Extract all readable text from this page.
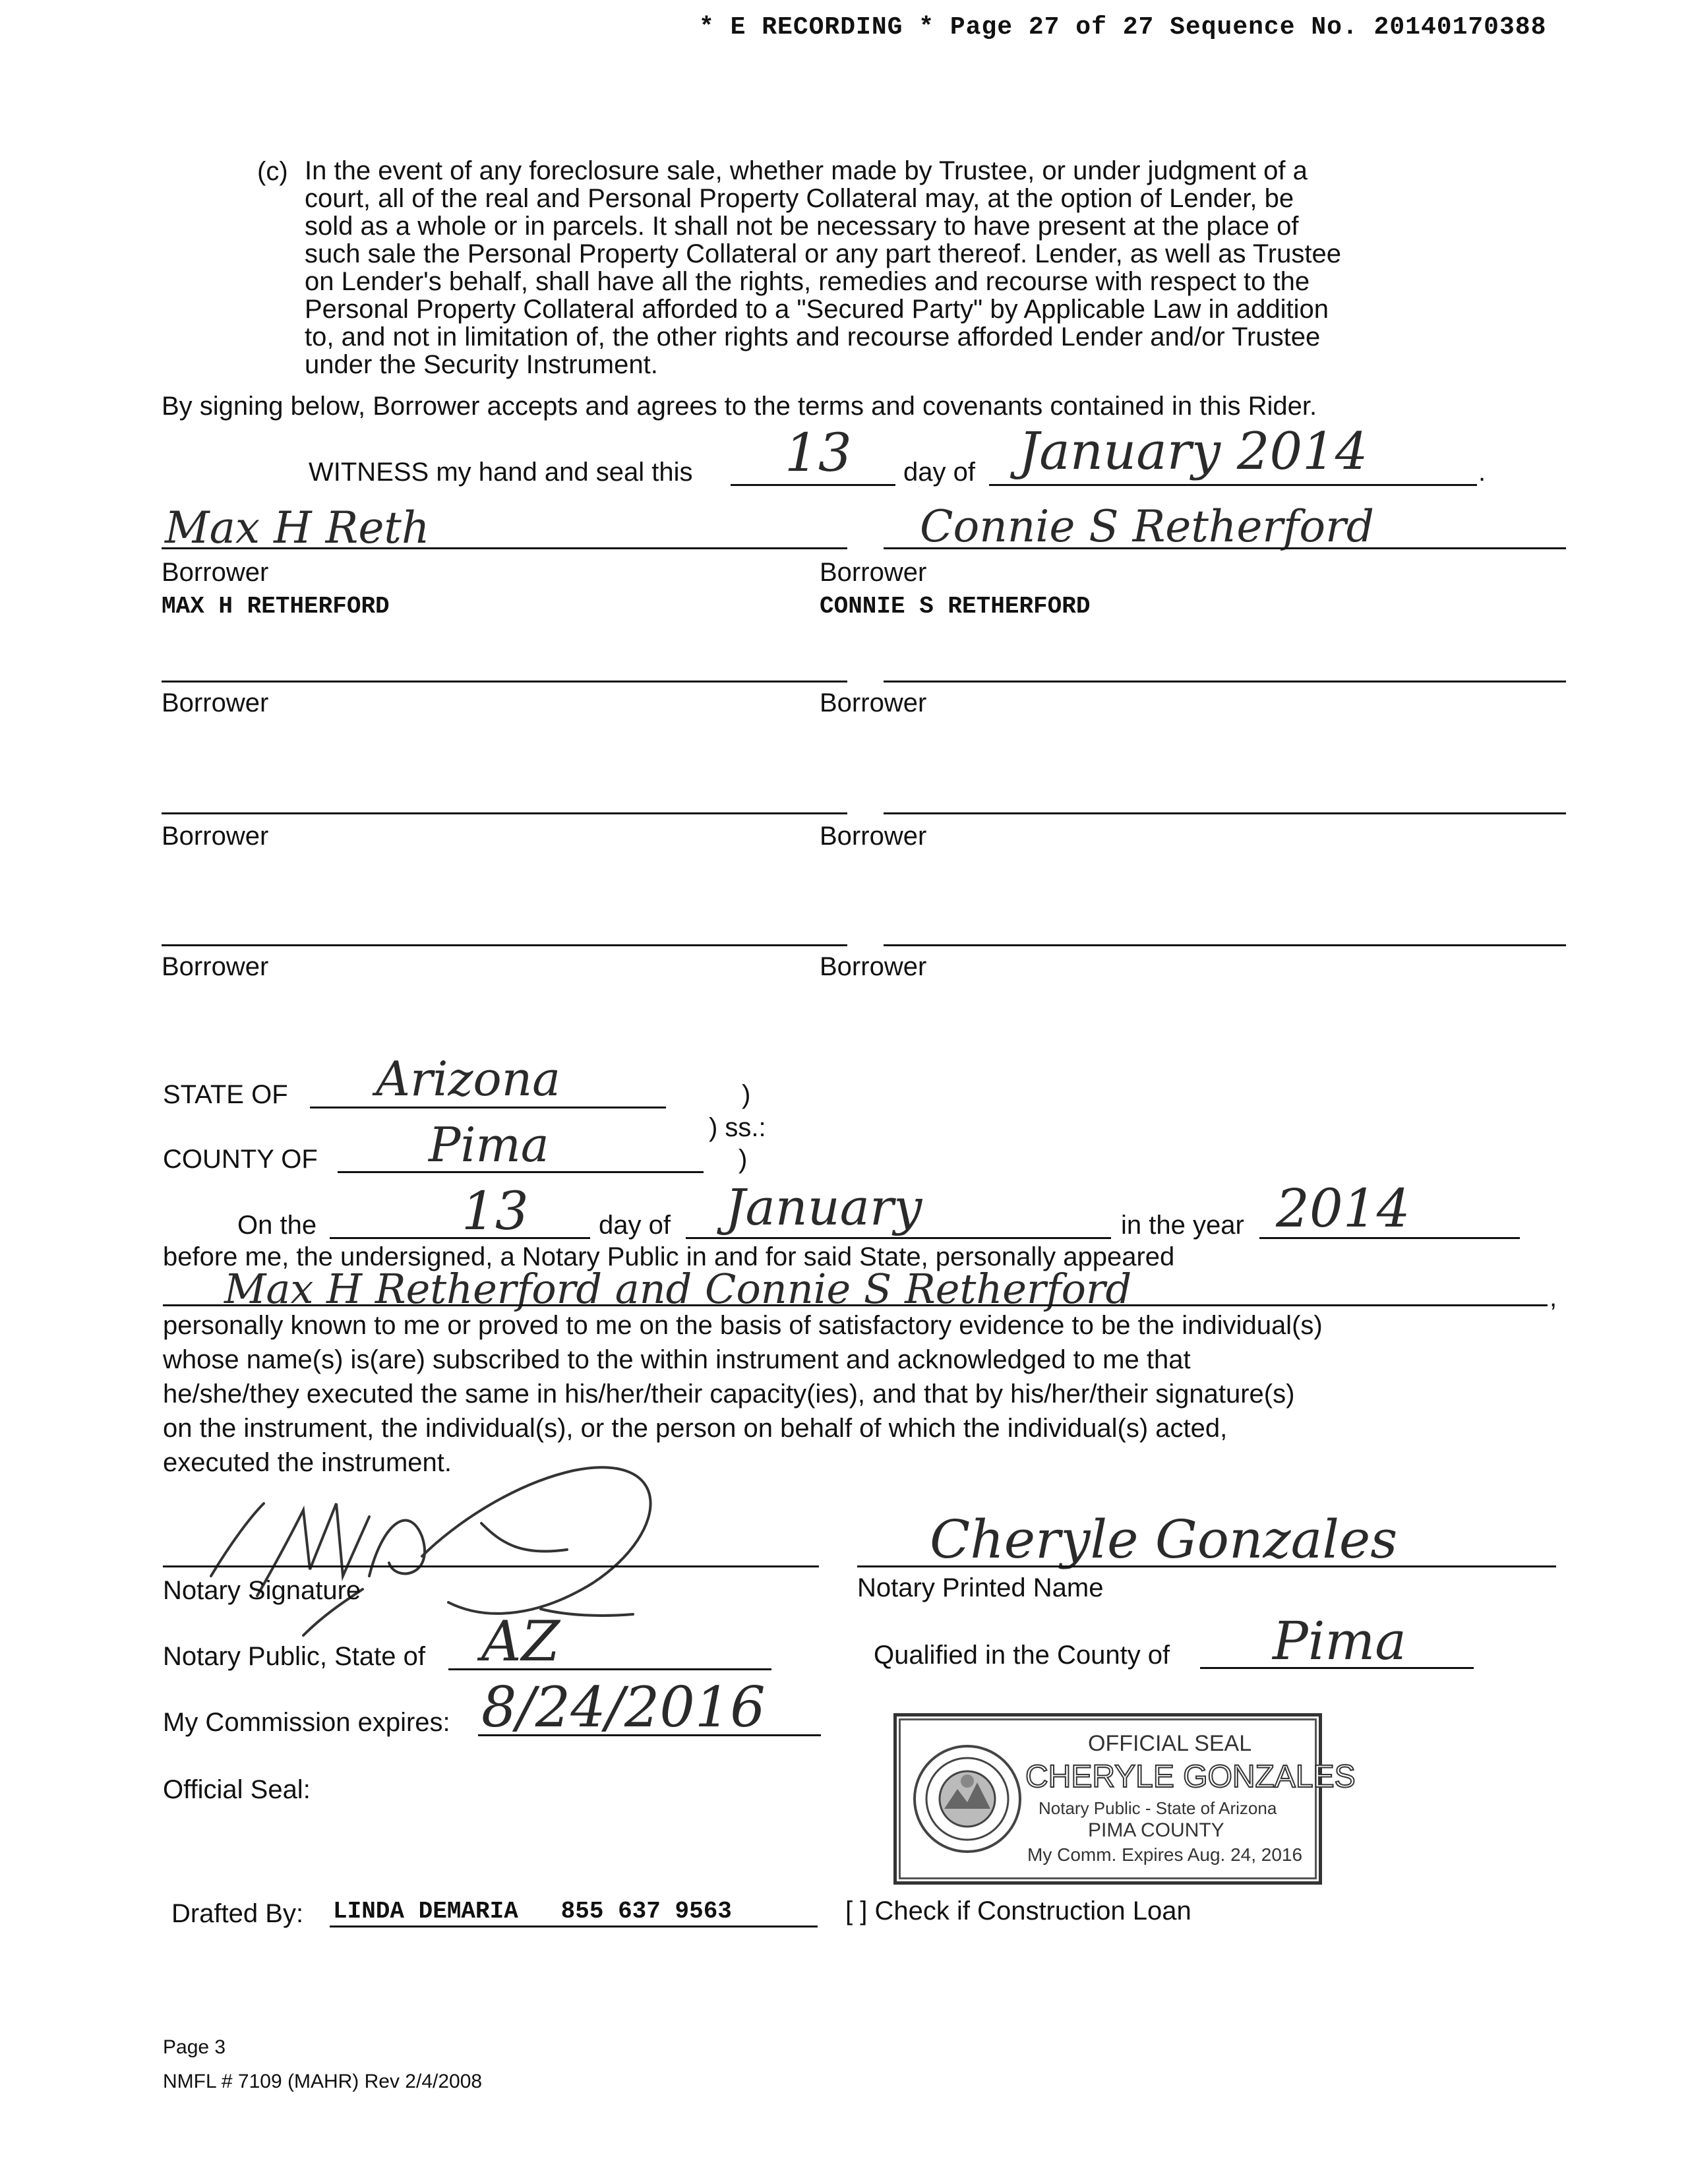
* E RECORDING * Page 27 of 27 Sequence No. 20140170388
(c) In the event of any foreclosure sale, whether made by Trustee, or under judgment of a
court, all of the real and Personal Property Collateral may, at the option of Lender, be
sold as a whole or in parcels. It shall not be necessary to have present at the place of
such sale the Personal Property Collateral or any part thereof. Lender, as well as Trustee
on Lender's behalf, shall have all the rights, remedies and recourse with respect to the
Personal Property Collateral afforded to a "Secured Party" by Applicable Law in addition
to, and not in limitation of, the other rights and recourse afforded Lender and/or Trustee
under the Security Instrument.
By signing below, Borrower accepts and agrees to the terms and covenants contained in this Rider.
WITNESS my hand and seal this 13 day of January 2014	.
Max H Reth	Connie S Retherford
Borrower	Borrower
MAX H RETHERFORD	CONNIE S RETHERFORD
Borrower	Borrower
Borrower	Borrower
Borrower	Borrower
STATE OF Arizona	)
) ss.:
COUNTY OF Pima	)
On the	13	day of January	in the year 2014
before me, the undersigned, a Notary Public in and for said State, personally appeared
Max H Retherford and Connie S Retherford	,
personally known to me or proved to me on the basis of satisfactory evidence to be the individual(s)
whose name(s) is(are) subscribed to the within instrument and acknowledged to me that
he/she/they executed the same in his/her/their capacity(ies), and that by his/her/their signature(s)
on the instrument, the individual(s), or the person on behalf of which the individual(s) acted,
executed the instrument.
Notary Signature
Cheryle Gonzales
Notary Printed Name
Notary Public, State of AZ	Qualified in the County of Pima
My Commission expires: 8/24/2016
Official Seal:
OFFICIAL SEAL
CHERYLE GONZALES
Notary Public - State of Arizona
PIMA COUNTY
My Comm. Expires Aug. 24, 2016
Drafted By: LINDA DEMARIA   855 637 9563	[ ] Check if Construction Loan
Page 3
NMFL # 7109 (MAHR) Rev 2/4/2008
